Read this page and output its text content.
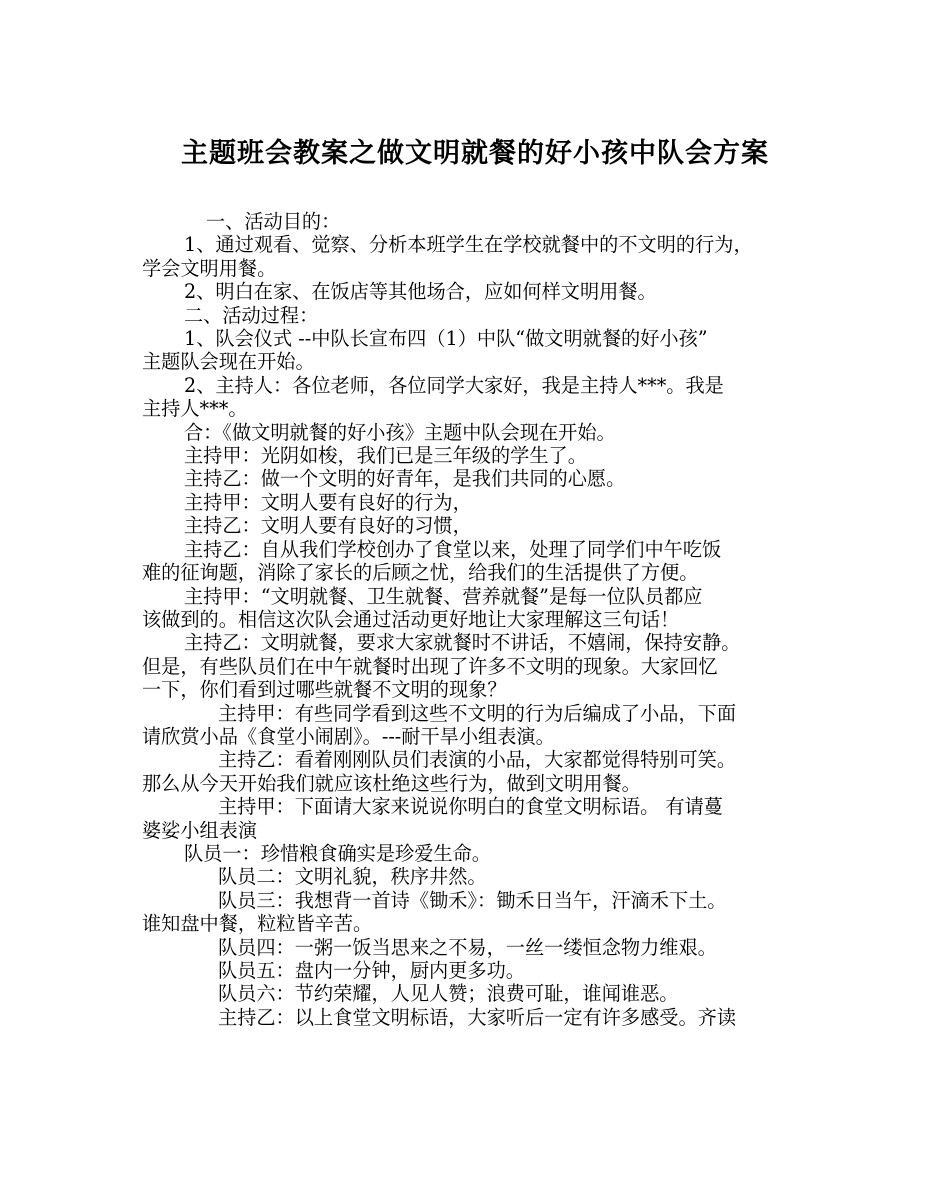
主题班会教案之做文明就餐的好小孩中队会方案
一、活动目的：
1、通过观看、觉察、分析本班学生在学校就餐中的不文明的行为，
学会文明用餐。
2、明白在家、在饭店等其他场合，应如何样文明用餐。
二、活动过程：
1、队会仪式 --中队长宣布四（1）中队“做文明就餐的好小孩”
主题队会现在开始。
2、主持人：各位老师，各位同学大家好，我是主持人***。我是
主持人***。
合：《做文明就餐的好小孩》主题中队会现在开始。
主持甲：光阴如梭，我们已是三年级的学生了。
主持乙：做一个文明的好青年，是我们共同的心愿。
主持甲：文明人要有良好的行为，
主持乙：文明人要有良好的习惯，
主持乙：自从我们学校创办了食堂以来，处理了同学们中午吃饭
难的征询题，消除了家长的后顾之忧，给我们的生活提供了方便。
主持甲：“文明就餐、卫生就餐、营养就餐”是每一位队员都应
该做到的。相信这次队会通过活动更好地让大家理解这三句话！
主持乙：文明就餐，要求大家就餐时不讲话，不嬉闹，保持安静。
但是，有些队员们在中午就餐时出现了许多不文明的现象。大家回忆
一下，你们看到过哪些就餐不文明的现象？
主持甲：有些同学看到这些不文明的行为后编成了小品，下面
请欣赏小品《食堂小闹剧》。---耐干旱小组表演。
主持乙：看着刚刚队员们表演的小品，大家都觉得特别可笑。
那么从今天开始我们就应该杜绝这些行为，做到文明用餐。
主持甲：下面请大家来说说你明白的食堂文明标语。 有请蔓
婆娑小组表演
队员一：珍惜粮食确实是珍爱生命。
队员二：文明礼貌，秩序井然。
队员三：我想背一首诗《锄禾》：锄禾日当午，汗滴禾下土。
谁知盘中餐，粒粒皆辛苦。
队员四：一粥一饭当思来之不易，一丝一缕恒念物力维艰。
队员五：盘内一分钟，厨内更多功。
队员六：节约荣耀，人见人赞；浪费可耻，谁闻谁恶。
主持乙：以上食堂文明标语，大家听后一定有许多感受。齐读
